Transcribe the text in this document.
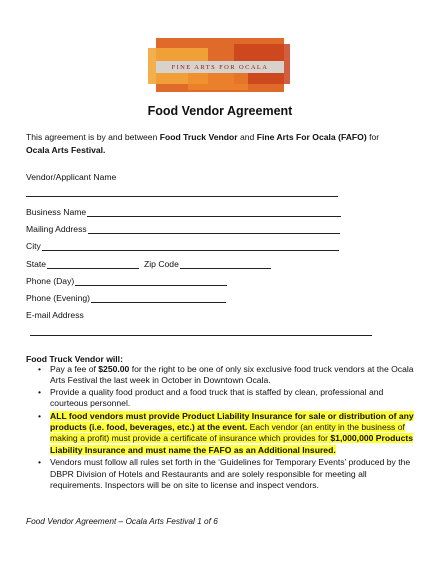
FINE ARTS FOR OCALA
Food Vendor Agreement
This agreement is by and between Food Truck Vendor and Fine Arts For Ocala (FAFO) for
Ocala Arts Festival.
Vendor/Applicant Name
Business Name
Mailing Address
City
State	Zip Code
Phone (Day)
Phone (Evening)
E-mail Address
Food Truck Vendor will:
• Pay a fee of $250.00 for the right to be one of only six exclusive food truck vendors at the Ocala Arts Festival the last week in October in Downtown Ocala.
• Provide a quality food product and a food truck that is staffed by clean, professional and courteous personnel.
• ALL food vendors must provide Product Liability Insurance for sale or distribution of any products (i.e. food, beverages, etc.) at the event. Each vendor (an entity in the business of making a profit) must provide a certificate of insurance which provides for $1,000,000 Products Liability Insurance and must name the FAFO as an Additional Insured.
• Vendors must follow all rules set forth in the ‘Guidelines for Temporary Events’ produced by the DBPR Division of Hotels and Restaurants and are solely responsible for meeting all requirements. Inspectors will be on site to license and inspect vendors.
Food Vendor Agreement – Ocala Arts Festival 1 of 6
